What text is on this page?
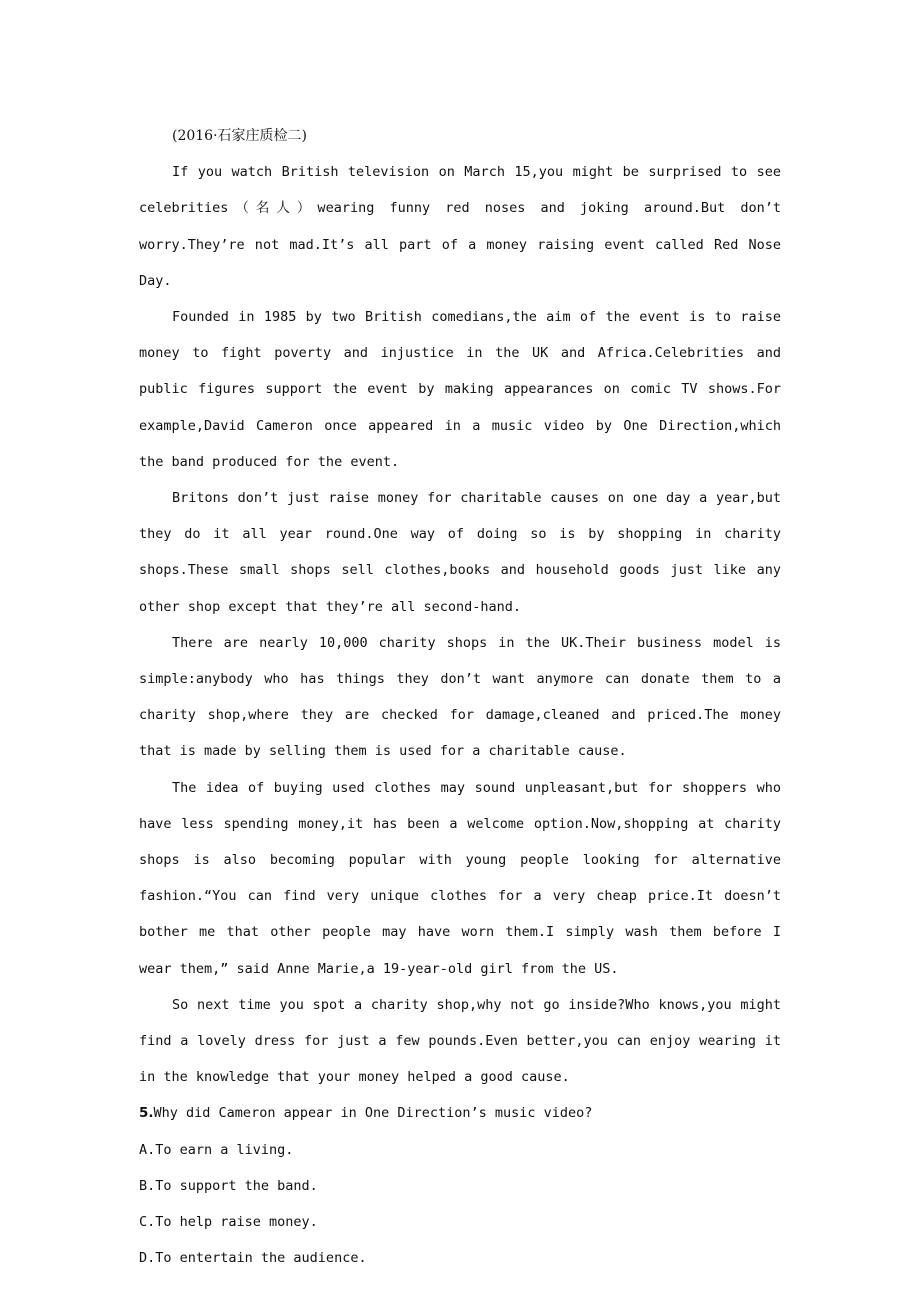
(2016·石家庄质检二)

If you watch British television on March 15,you might be surprised to see celebrities（名人）wearing funny red noses and joking around.But don’t worry.They’re not mad.It’s all part of a money raising event called Red Nose Day.

Founded in 1985 by two British comedians,the aim of the event is to raise money to fight poverty and injustice in the UK and Africa.Celebrities and public figures support the event by making appearances on comic TV shows.For example,David Cameron once appeared in a music video by One Direction,which the band produced for the event.

Britons don’t just raise money for charitable causes on one day a year,but they do it all year round.One way of doing so is by shopping in charity shops.These small shops sell clothes,books and household goods just like any other shop except that they’re all second-hand.

There are nearly 10,000 charity shops in the UK.Their business model is simple:anybody who has things they don’t want anymore can donate them to a charity shop,where they are checked for damage,cleaned and priced.The money that is made by selling them is used for a charitable cause.

The idea of buying used clothes may sound unpleasant,but for shoppers who have less spending money,it has been a welcome option.Now,shopping at charity shops is also becoming popular with young people looking for alternative fashion.“You can find very unique clothes for a very cheap price.It doesn’t bother me that other people may have worn them.I simply wash them before I wear them,” said Anne Marie,a 19-year-old girl from the US.

So next time you spot a charity shop,why not go inside?Who knows,you might find a lovely dress for just a few pounds.Even better,you can enjoy wearing it in the knowledge that your money helped a good cause.

5.Why did Cameron appear in One Direction’s music video?

A.To earn a living.

B.To support the band.

C.To help raise money.

D.To entertain the audience.
